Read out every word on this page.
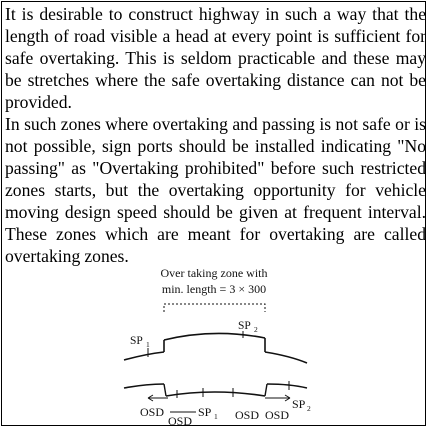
It is desirable to construct highway in such a way that the length of road visible a head at every point is sufficient for safe overtaking. This is seldom practicable and these may be stretches where the safe overtaking distance can not be provided.

In such zones where overtaking and passing is not safe or is not possible, sign ports should be installed indicating "No passing" as "Overtaking prohibited" before such restricted zones starts, but the overtaking opportunity for vehicle moving design speed should be given at frequent interval. These zones which are meant for overtaking are called overtaking zones.

Over taking zone with
min. length = 3 × 300
SP 1
SP 2
OSD
OSD
SP 1 OSD OSD
SP 2
